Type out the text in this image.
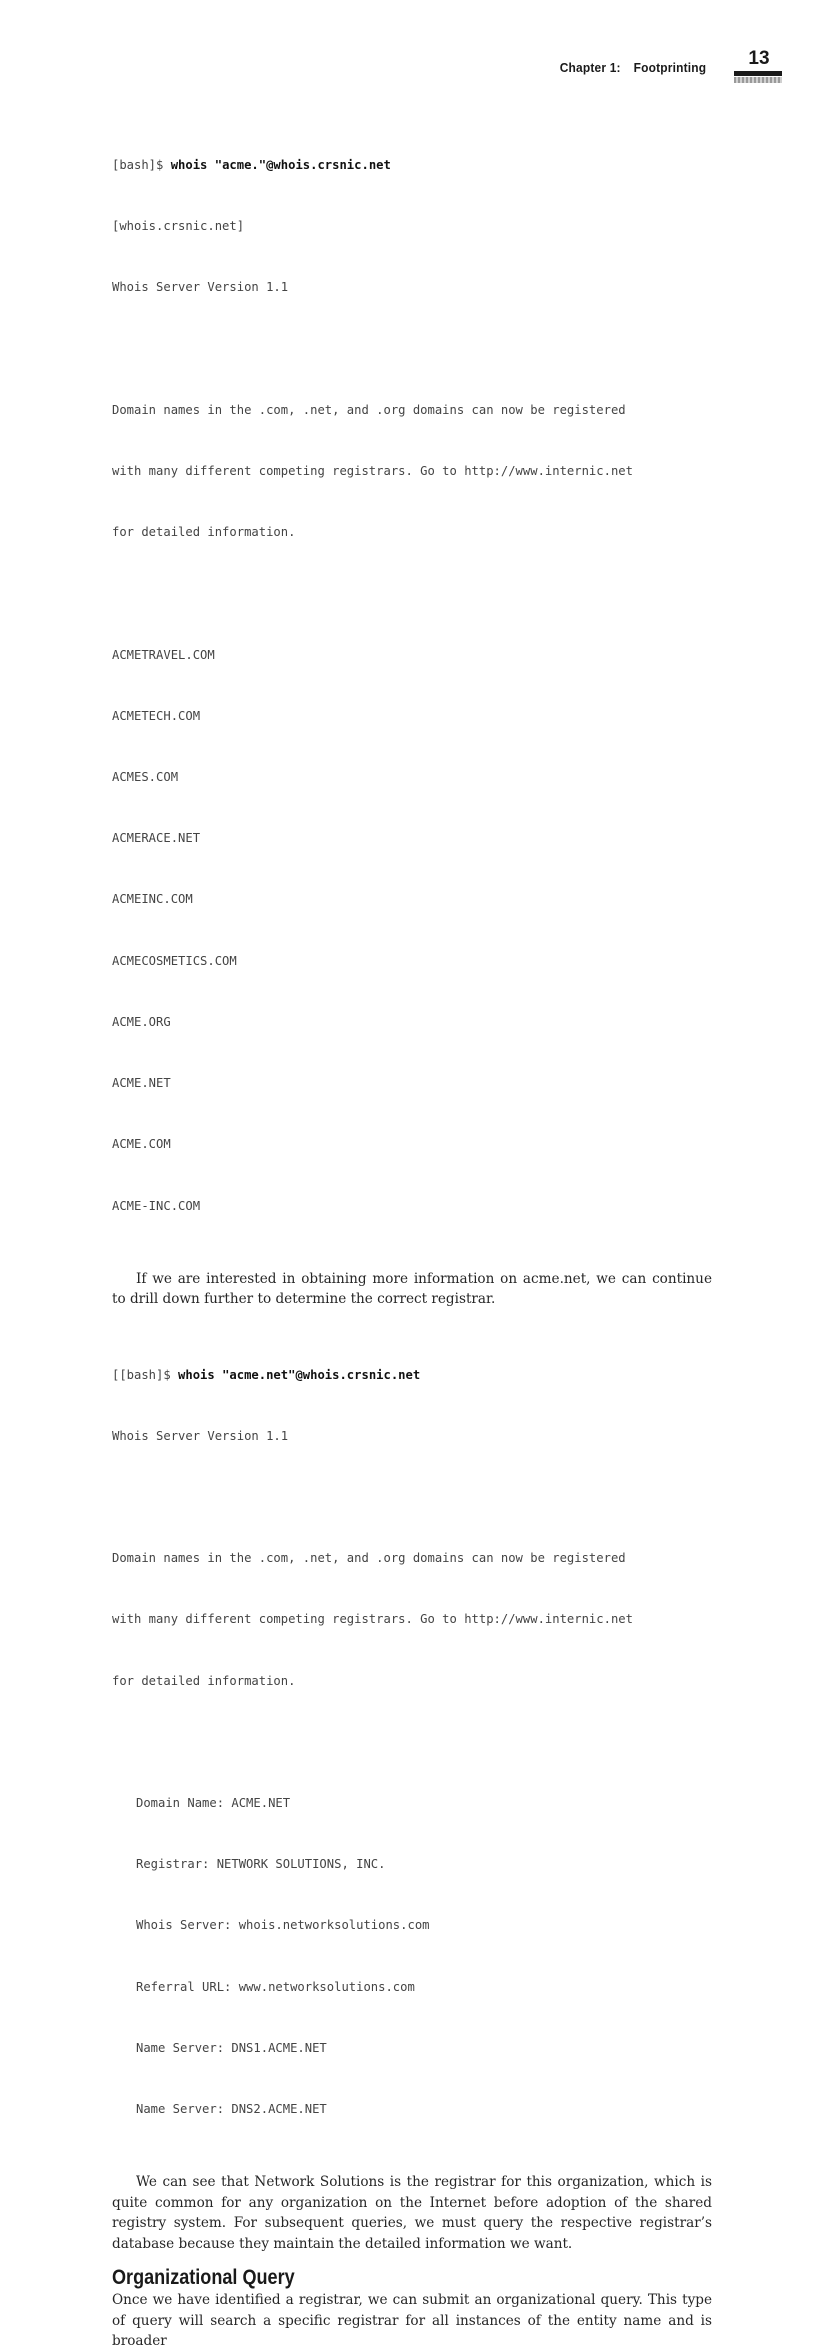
Chapter 1: Footprinting	13

[bash]$ whois "acme."@whois.crsnic.net

[whois.crsnic.net]

Whois Server Version 1.1

Domain names in the .com, .net, and .org domains can now be registered

with many different competing registrars. Go to http://www.internic.net

for detailed information.

ACMETRAVEL.COM

ACMETECH.COM

ACMES.COM

ACMERACE.NET

ACMEINC.COM

ACMECOSMETICS.COM

ACME.ORG

ACME.NET

ACME.COM

ACME-INC.COM

If we are interested in obtaining more information on acme.net, we can continue to drill down further to determine the correct registrar.

[[bash]$ whois "acme.net"@whois.crsnic.net

Whois Server Version 1.1

Domain names in the .com, .net, and .org domains can now be registered

with many different competing registrars. Go to http://www.internic.net

for detailed information.

Domain Name: ACME.NET

Registrar: NETWORK SOLUTIONS, INC.

Whois Server: whois.networksolutions.com

Referral URL: www.networksolutions.com

Name Server: DNS1.ACME.NET

Name Server: DNS2.ACME.NET

We can see that Network Solutions is the registrar for this organization, which is quite common for any organization on the Internet before adoption of the shared registry system. For subsequent queries, we must query the respective registrar’s database because they maintain the detailed information we want.

Organizational Query

Once we have identified a registrar, we can submit an organizational query. This type of query will search a specific registrar for all instances of the entity name and is broader
